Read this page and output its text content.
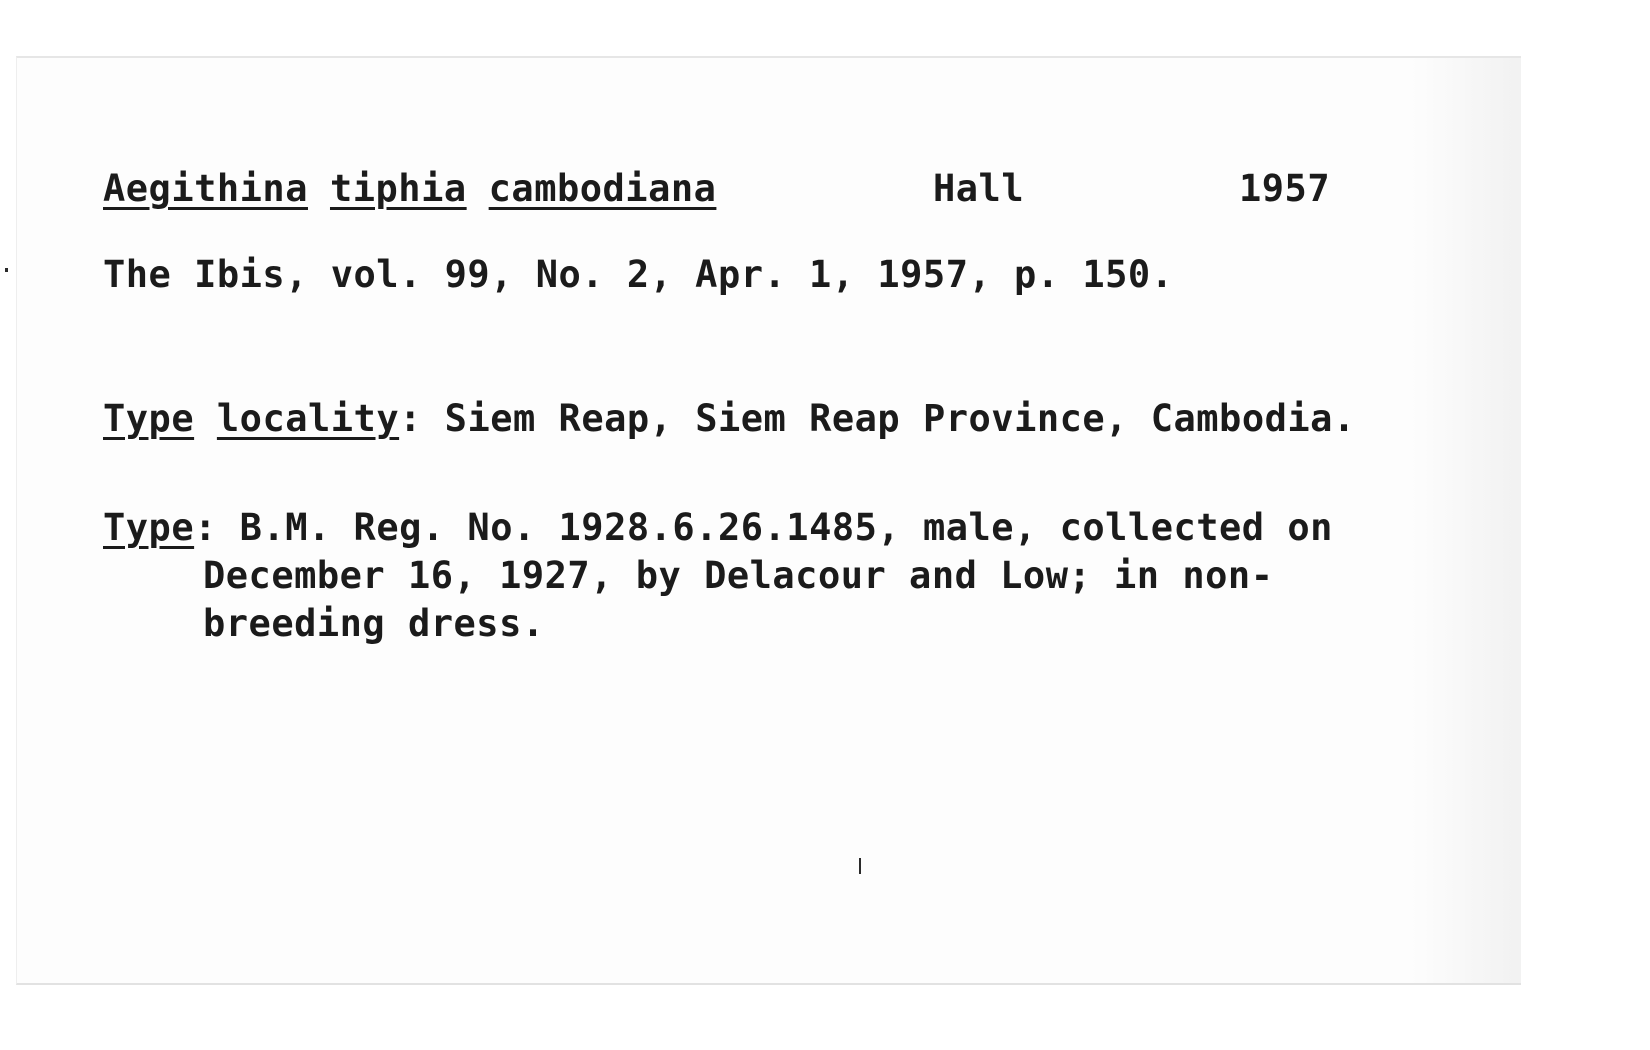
Aegithina tiphia cambodiana	Hall	1957
The Ibis, vol. 99, No. 2, Apr. 1, 1957, p. 150.
Type locality: Siem Reap, Siem Reap Province, Cambodia.
Type: B.M. Reg. No. 1928.6.26.1485, male, collected on
December 16, 1927, by Delacour and Low; in non-
breeding dress.
